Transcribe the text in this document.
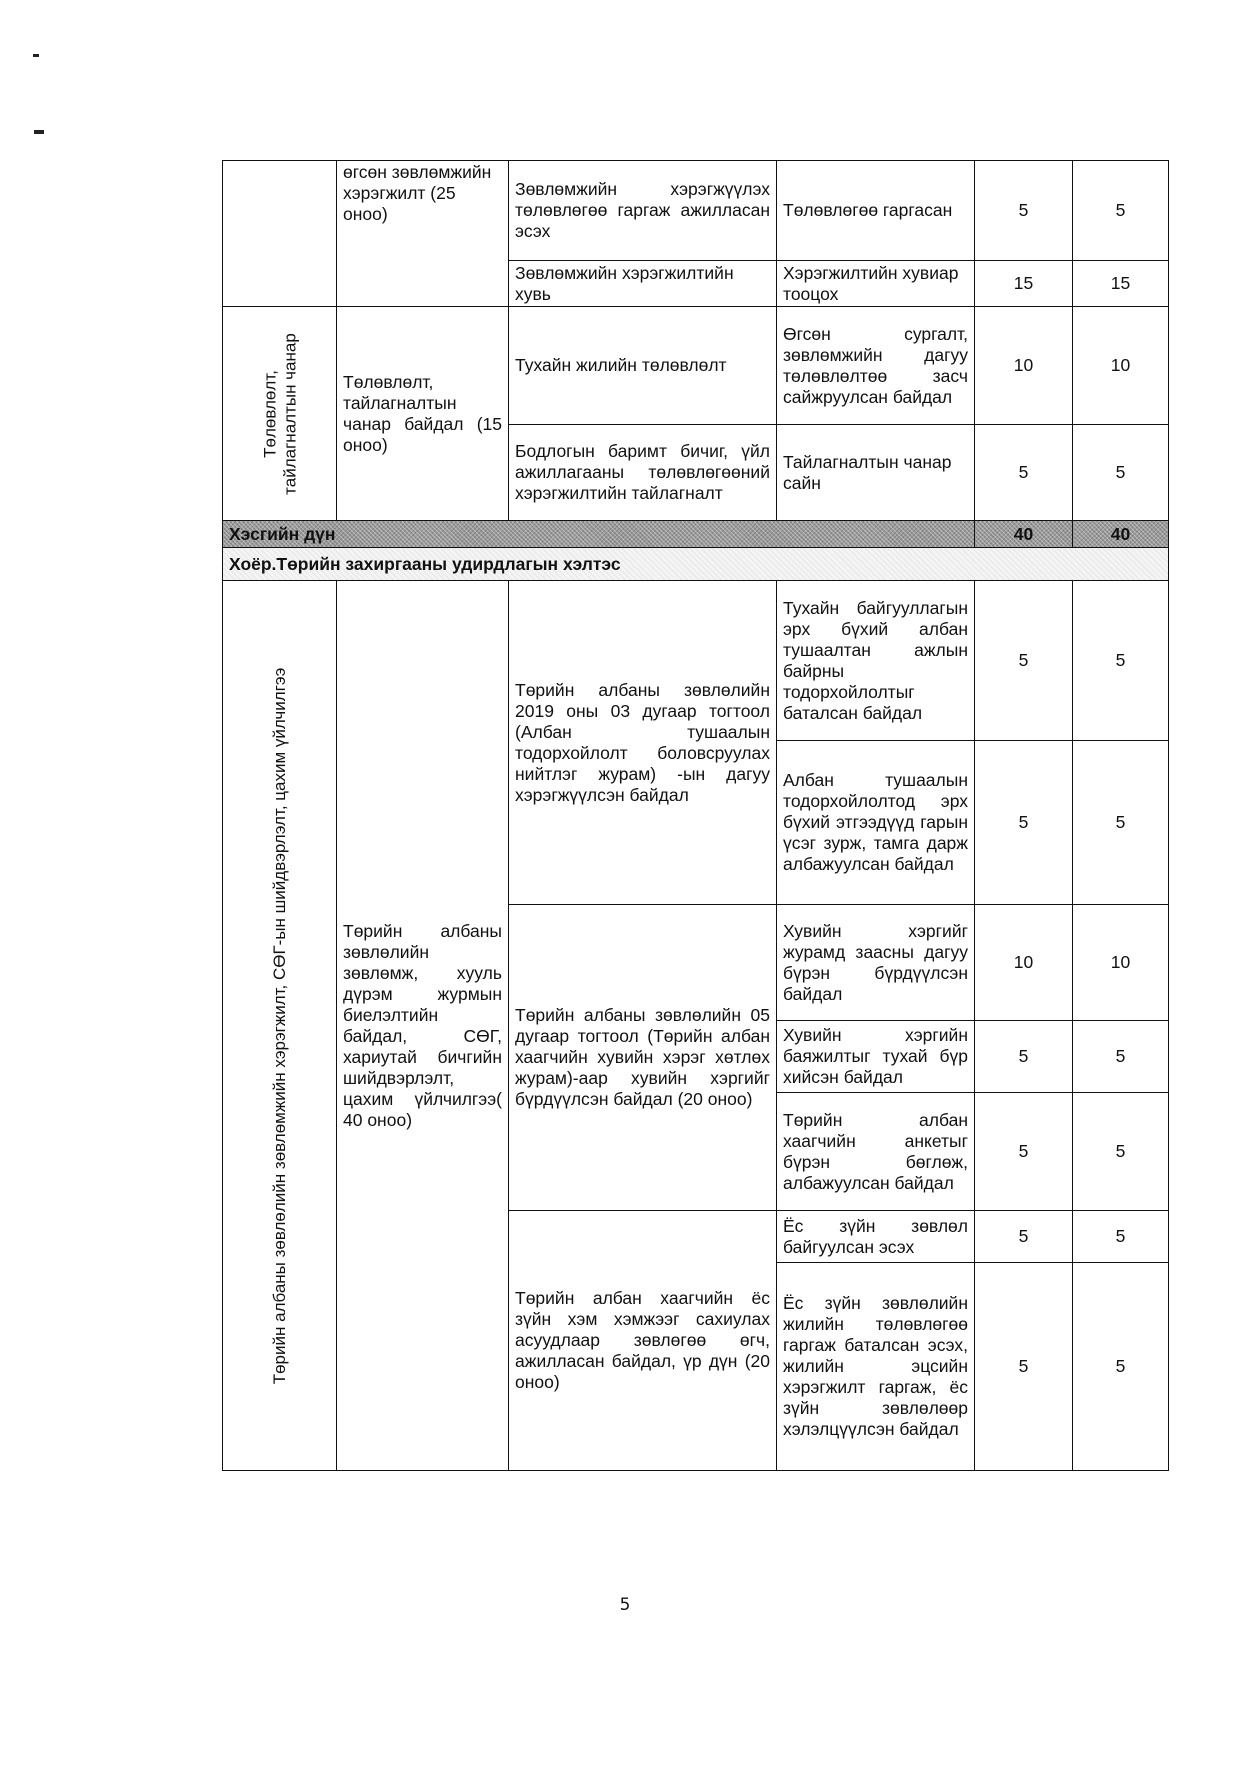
	өгсөн зөвлөмжийн хэрэгжилт (25 оноо)	Зөвлөмжийн хэрэгжүүлэх төлөвлөгөө гаргаж ажилласан эсэх	Төлөвлөгөө гаргасан	5	5
		Зөвлөмжийн хэрэгжилтийн хувь	Хэрэгжилтийн хувиар тооцох	15	15

Төлөвлөлт, тайлагналтын чанар	Төлөвлөлт, тайлагналтын чанар байдал (15 оноо)	Тухайн жилийн төлөвлөлт	Өгсөн сургалт, зөвлөмжийн дагуу төлөвлөлтөө засч сайжруулсан байдал	10	10
		Бодлогын баримт бичиг, үйл ажиллагааны төлөвлөгөөний хэрэгжилтийн тайлагналт	Тайлагналтын чанар сайн	5	5
Хэсгийн дүн				40	40
Хоёр.Төрийн захиргааны удирдлагын хэлтэс					

Төрийн албаны зөвлөлийн зөвлөмжийн хэрэгжилт, СӨГ-ын шийдвэрлэлт, цахим үйлчилгээ	Төрийн албаны зөвлөлийн зөвлөмж, хууль дүрэм журмын биелэлтийн байдал, СӨГ, хариутай бичгийн шийдвэрлэлт, цахим үйлчилгээ( 40 оноо)	Төрийн албаны зөвлөлийн 2019 оны 03 дугаар тогтоол (Албан тушаалын тодорхойлолт боловсруулах нийтлэг журам) -ын дагуу хэрэгжүүлсэн байдал	Тухайн байгууллагын эрх бүхий албан тушаалтан ажлын байрны тодорхойлолтыг баталсан байдал	5	5
			Албан тушаалын тодорхойлолтод эрх бүхий этгээдүүд гарын үсэг зурж, тамга дарж албажуулсан байдал	5	5
		Төрийн албаны зөвлөлийн 05 дугаар тогтоол (Төрийн албан хаагчийн хувийн хэрэг хөтлөх журам)-аар хувийн хэргийг бүрдүүлсэн байдал (20 оноо)	Хувийн хэргийг журамд заасны дагуу бүрэн бүрдүүлсэн байдал	10	10
			Хувийн хэргийн баяжилтыг тухай бүр хийсэн байдал	5	5
			Төрийн албан хаагчийн анкетыг бүрэн бөглөж, албажуулсан байдал	5	5
		Төрийн албан хаагчийн ёс зүйн хэм хэмжээг сахиулах асуудлаар зөвлөгөө өгч, ажилласан байдал, үр дүн (20 оноо)	Ёс зүйн зөвлөл байгуулсан эсэх	5	5
			Ёс зүйн зөвлөлийн жилийн төлөвлөгөө гаргаж баталсан эсэх, жилийн эцсийн хэрэгжилт гаргаж, ёс зүйн зөвлөлөөр хэлэлцүүлсэн байдал	5	5
5
